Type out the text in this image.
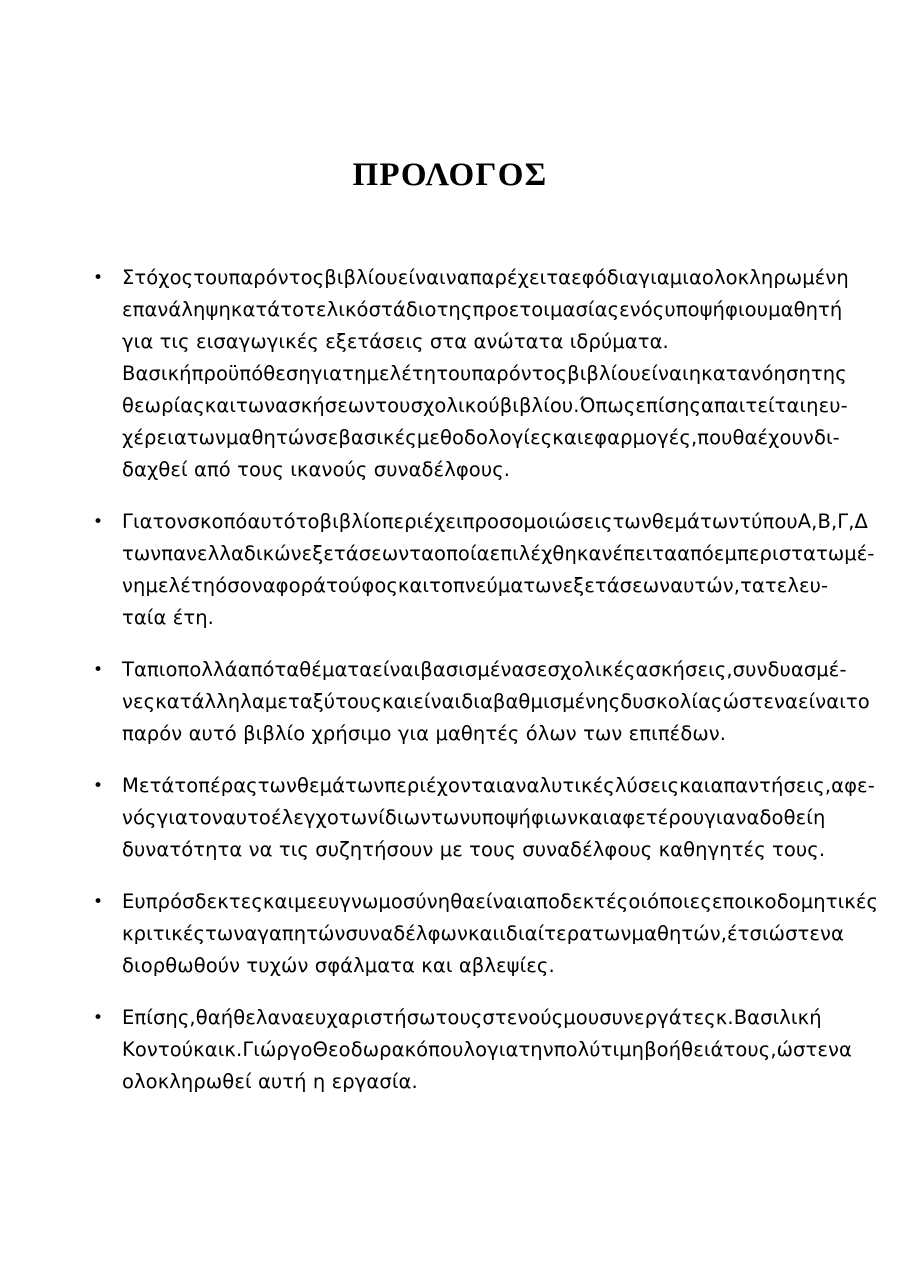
ΠΡΟΛΟΓΟΣ
• Στόχος του παρόντος βιβλίου είναι να παρέχει τα εφόδια για μια ολοκληρωμένη
επανάληψη κατά το τελικό στάδιο της προετοιμασίας ενός υποψήφιου μαθητή
για τις εισαγωγικές εξετάσεις στα ανώτατα ιδρύματα.
Βασική προϋπόθεση για τη μελέτη του παρόντος βιβλίου είναι η κατανόηση της
θεωρίας και των ασκήσεων του σχολικού βιβλίου. Όπως επίσης απαιτείται η ευ-
χέρεια των μαθητών σε βασικές μεθοδολογίες και εφαρμογές , που θα έχουν δι-
δαχθεί από τους ικανούς συναδέλφους.
• Για τον σκοπό αυτό το βιβλίο περιέχει προσομοιώσεις των θεμάτων τύπου Α,Β,Γ,Δ
των πανελλαδικών εξετάσεων τα οποία επιλέχθηκαν έπειτα από εμπεριστατωμέ-
νη μελέτη όσον αφορά το ύφος και το πνεύμα των εξετάσεων αυτών, τα τελευ-
ταία έτη.
• Τα πιο πολλά από τα θέματα είναι βασισμένα σε σχολικές ασκήσεις , συνδυασμέ-
νες κατάλληλα μεταξύ τους και είναι διαβαθμισμένης δυσκολίας ώστε να είναι το
παρόν αυτό βιβλίο χρήσιμο για μαθητές όλων των επιπέδων.
• Μετά το πέρας των θεμάτων περιέχονται αναλυτικές λύσεις και απαντήσεις , αφε-
νός για τον αυτοέλεγχο των ίδιων των υποψήφιων και αφετέρου για να δοθεί η
δυνατότητα να τις συζητήσουν με τους συναδέλφους καθηγητές τους.
• Ευπρόσδεκτες και με ευγνωμοσύνη θα είναι αποδεκτές οι όποιες εποικοδομητικές
κριτικές των αγαπητών συναδέλφων και ιδιαίτερα των μαθητών , έτσι ώστε να
διορθωθούν τυχών σφάλματα και αβλεψίες.
• Επίσης , θα ήθελα να ευχαριστήσω τους στενούς μου συνεργάτες κ. Βασιλική
Κοντού και κ. Γιώργο Θεοδωρακόπουλο για την πολύτιμη βοήθειά τους , ώστε να
ολοκληρωθεί αυτή η εργασία.
